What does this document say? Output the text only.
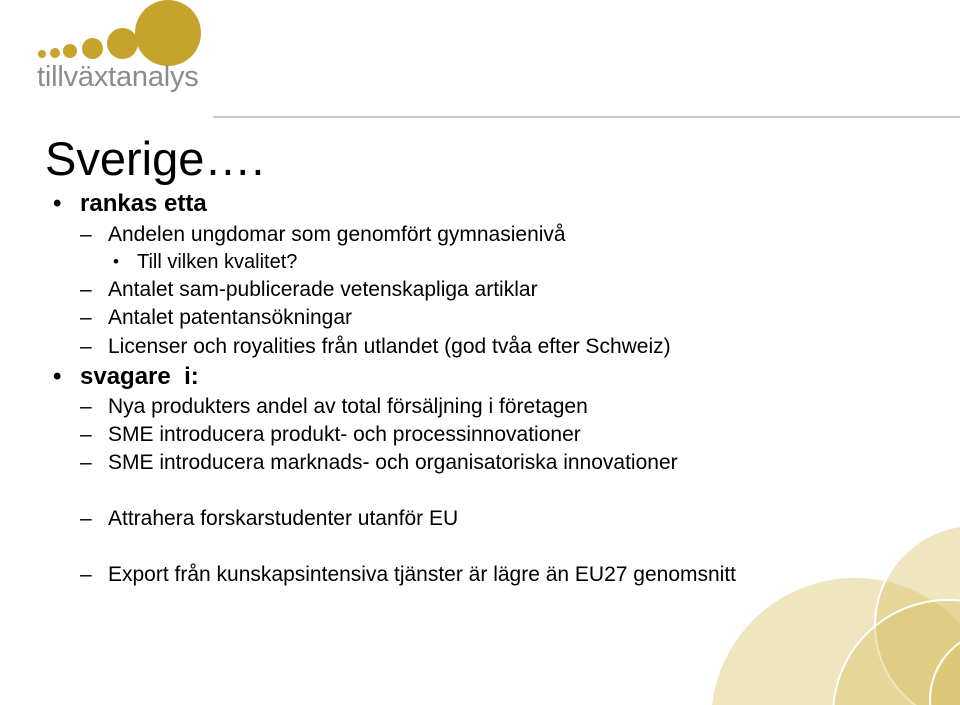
tillväxtanalys
Sverige….

•

rankas etta

–

Andelen ungdomar som genomfört gymnasienivå

•

Till vilken kvalitet?

–

Antalet sam-publicerade vetenskapliga artiklar

–

Antalet patentansökningar

–

Licenser och royalities från utlandet (god tvåa efter Schweiz)

•

svagare  i:

–

Nya produkters andel av total försäljning i företagen

–

SME introducera produkt- och processinnovationer

–

SME introducera marknads- och organisatoriska innovationer

–

Attrahera forskarstudenter utanför EU

–

Export från kunskapsintensiva tjänster är lägre än EU27 genomsnitt
